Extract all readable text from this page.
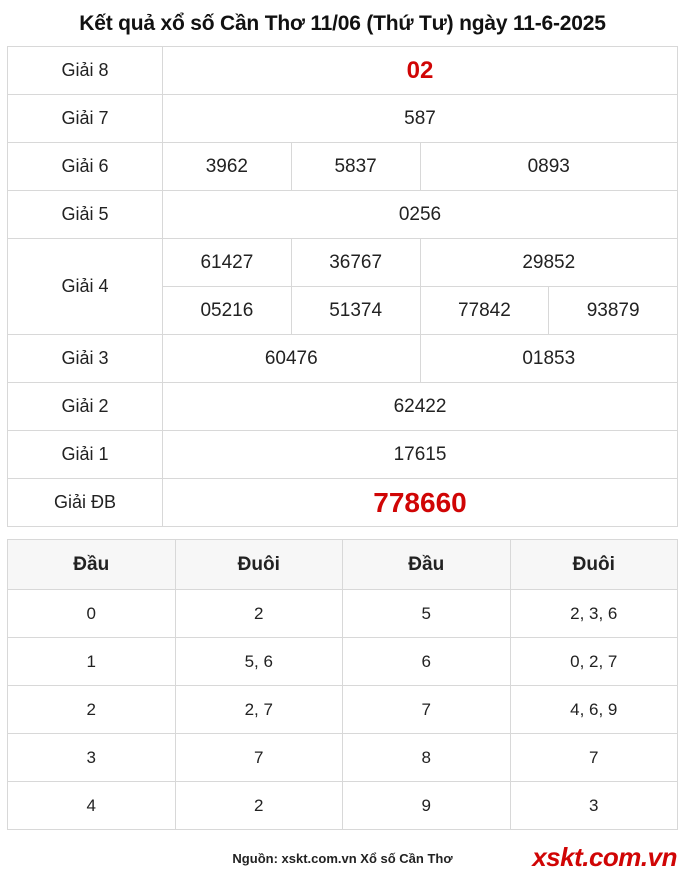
Kết quả xổ số Cần Thơ 11/06 (Thứ Tư) ngày 11-6-2025
Giải 8	02			
Giải 7	587			
Giải 6	3962	5837	0893	
Giải 5	0256			
Giải 4	61427	36767	29852	
	05216	51374	77842	93879
Giải 3	60476		01853	
Giải 2	62422			
Giải 1	17615			
Giải ĐB	778660			
Đầu	Đuôi	Đầu	Đuôi
0	2	5	2, 3, 6
1	5, 6	6	0, 2, 7
2	2, 7	7	4, 6, 9
3	7	8	7
4	2	9	3
Nguồn: xskt.com.vn Xổ số Cần Thơ	xskt.com.vn
